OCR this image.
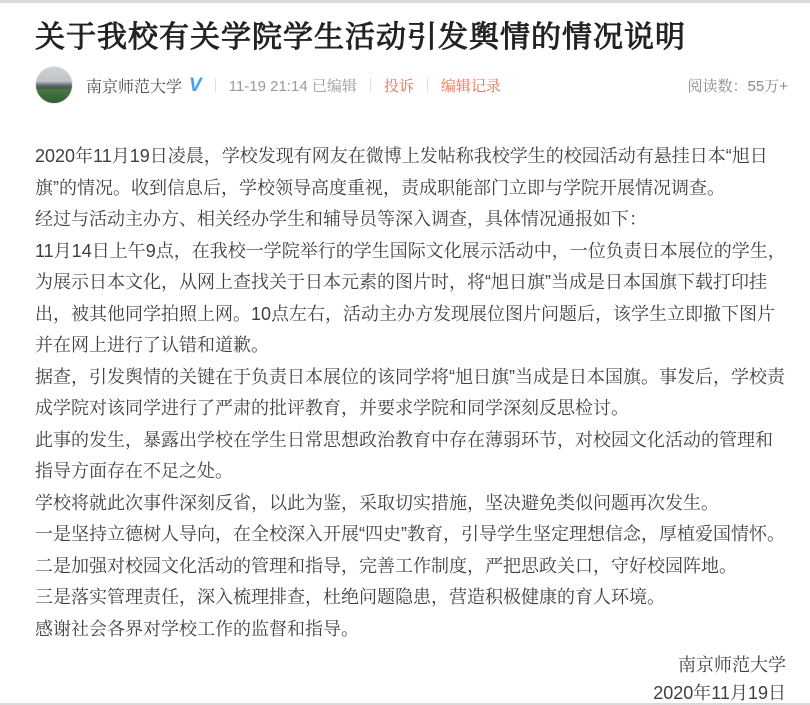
关于我校有关学院学生活动引发舆情的情况说明
南京师范大学 V 11-19 21:14 已编辑 投诉 编辑记录	阅读数：55万+

2020年11月19日凌晨，学校发现有网友在微博上发帖称我校学生的校园活动有悬挂日本“旭日旗”的情况。收到信息后，学校领导高度重视，责成职能部门立即与学院开展情况调查。

经过与活动主办方、相关经办学生和辅导员等深入调查，具体情况通报如下：

11月14日上午9点，在我校一学院举行的学生国际文化展示活动中，一位负责日本展位的学生，为展示日本文化，从网上查找关于日本元素的图片时，将“旭日旗”当成是日本国旗下载打印挂出，被其他同学拍照上网。10点左右，活动主办方发现展位图片问题后，该学生立即撤下图片并在网上进行了认错和道歉。

据查，引发舆情的关键在于负责日本展位的该同学将“旭日旗”当成是日本国旗。事发后，学校责成学院对该同学进行了严肃的批评教育，并要求学院和同学深刻反思检讨。

此事的发生，暴露出学校在学生日常思想政治教育中存在薄弱环节，对校园文化活动的管理和指导方面存在不足之处。

学校将就此次事件深刻反省，以此为鉴，采取切实措施，坚决避免类似问题再次发生。

一是坚持立德树人导向，在全校深入开展“四史”教育，引导学生坚定理想信念，厚植爱国情怀。

二是加强对校园文化活动的管理和指导，完善工作制度，严把思政关口，守好校园阵地。

三是落实管理责任，深入梳理排查，杜绝问题隐患，营造积极健康的育人环境。

感谢社会各界对学校工作的监督和指导。

南京师范大学
2020年11月19日
